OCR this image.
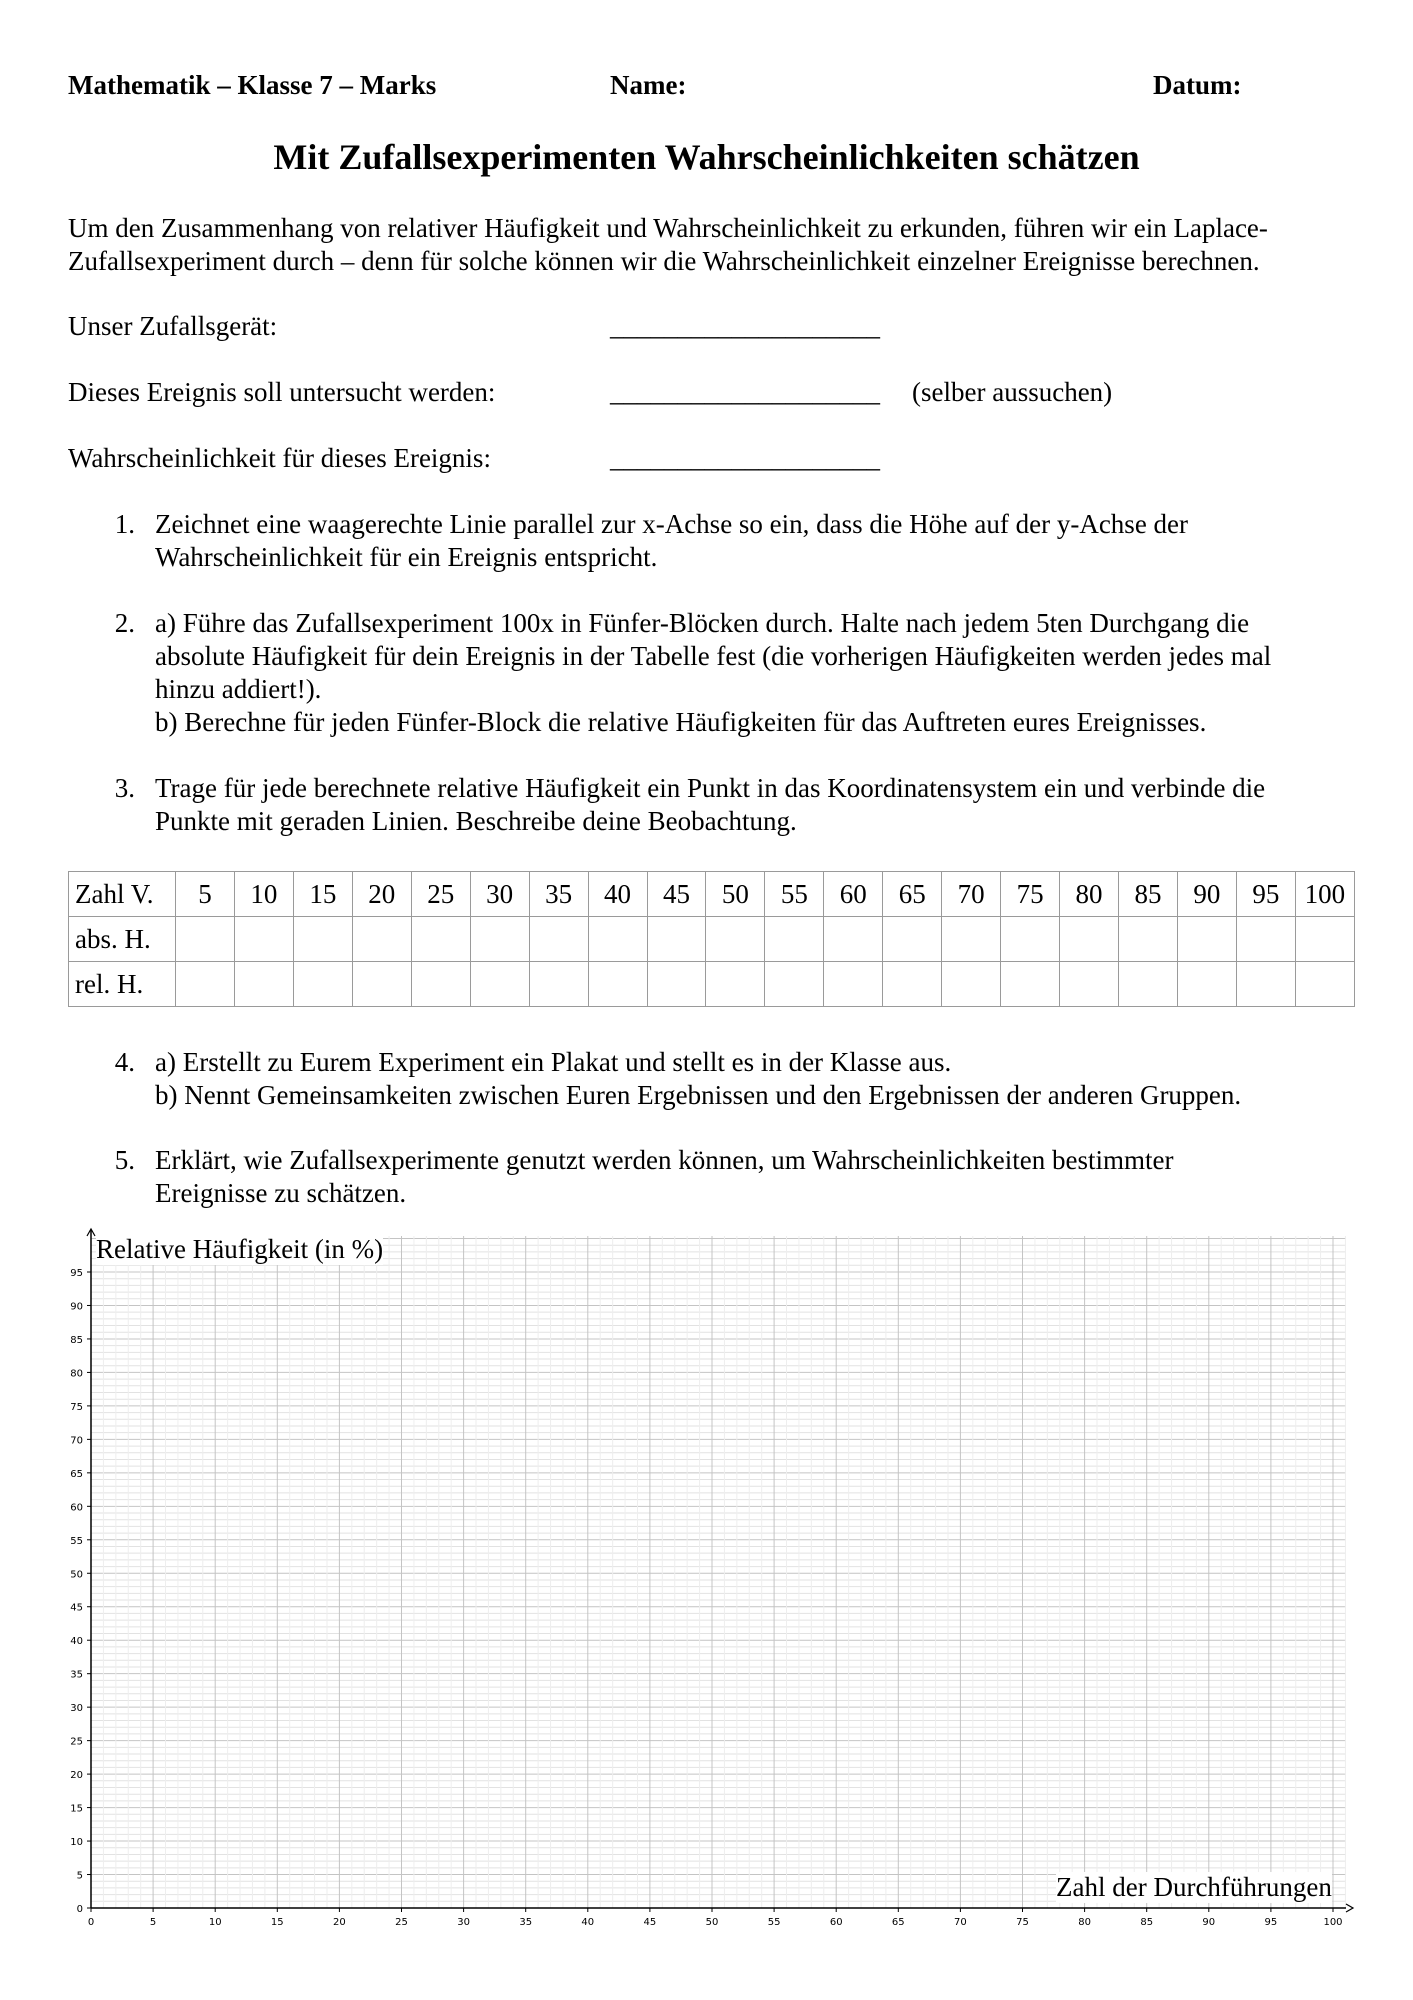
Mathematik – Klasse 7 – Marks	Name:	Datum:
Mit Zufallsexperimenten Wahrscheinlichkeiten schätzen
Um den Zusammenhang von relativer Häufigkeit und Wahrscheinlichkeit zu erkunden, führen wir ein Laplace-
Zufallsexperiment durch – denn für solche können wir die Wahrscheinlichkeit einzelner Ereignisse berechnen.
Unser Zufallsgerät:	____________________
Dieses Ereignis soll untersucht werden:	____________________ (selber aussuchen)
Wahrscheinlichkeit für dieses Ereignis:	____________________
1. Zeichnet eine waagerechte Linie parallel zur x-Achse so ein, dass die Höhe auf der y-Achse der
Wahrscheinlichkeit für ein Ereignis entspricht.
2. a) Führe das Zufallsexperiment 100x in Fünfer-Blöcken durch. Halte nach jedem 5ten Durchgang die
absolute Häufigkeit für dein Ereignis in der Tabelle fest (die vorherigen Häufigkeiten werden jedes mal
hinzu addiert!).
b) Berechne für jeden Fünfer-Block die relative Häufigkeiten für das Auftreten eures Ereignisses.
3. Trage für jede berechnete relative Häufigkeit ein Punkt in das Koordinatensystem ein und verbinde die
Punkte mit geraden Linien. Beschreibe deine Beobachtung.
Zahl V.	5	10	15	20	25	30	35	40	45	50	55	60	65	70	75	80	85	90	95	100
abs. H.																				
rel. H.																				
4. a) Erstellt zu Eurem Experiment ein Plakat und stellt es in der Klasse aus.
b) Nennt Gemeinsamkeiten zwischen Euren Ergebnissen und den Ergebnissen der anderen Gruppen.
5. Erklärt, wie Zufallsexperimente genutzt werden können, um Wahrscheinlichkeiten bestimmter
Ereignisse zu schätzen.
0	5	10	15	20	25	30	35	40	45	50	55	60	65	70	75	80	85	90	95	100
0
5
10
15
20
25
30
35
40
45
50
55
60
65
70
75
80
85
90
95
Relative Häufigkeit (in %)
Zahl der Durchführungen
